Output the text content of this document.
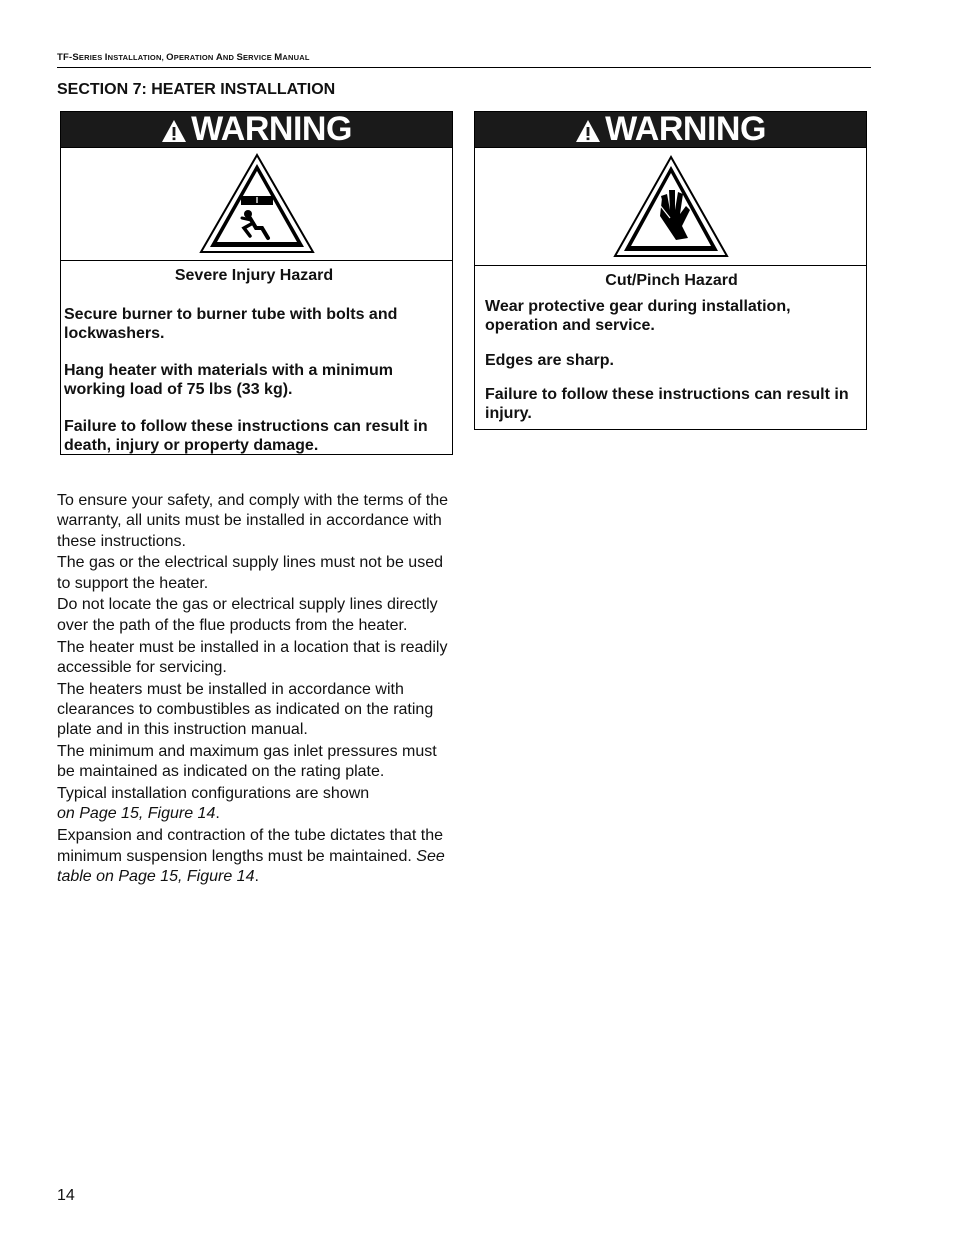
TF-SERIES INSTALLATION, OPERATION AND SERVICE MANUAL
SECTION 7: HEATER INSTALLATION
WARNING
Severe Injury Hazard

Secure burner to burner tube with bolts and lockwashers.

Hang heater with materials with a minimum working load of 75 lbs (33 kg).

Failure to follow these instructions can result in death, injury or property damage.

WARNING
Cut/Pinch Hazard

Wear protective gear during installation, operation and service.

Edges are sharp.

Failure to follow these instructions can result in injury.

To ensure your safety, and comply with the terms of the warranty, all units must be installed in accordance with these instructions.

The gas or the electrical supply lines must not be used to support the heater.

Do not locate the gas or electrical supply lines directly over the path of the flue products from the heater.

The heater must be installed in a location that is readily accessible for servicing.

The heaters must be installed in accordance with clearances to combustibles as indicated on the rating plate and in this instruction manual.

The minimum and maximum gas inlet pressures must be maintained as indicated on the rating plate.

Typical installation configurations are shown
on Page 15, Figure 14.

Expansion and contraction of the tube dictates that the minimum suspension lengths must be maintained. See table on Page 15, Figure 14.

14
